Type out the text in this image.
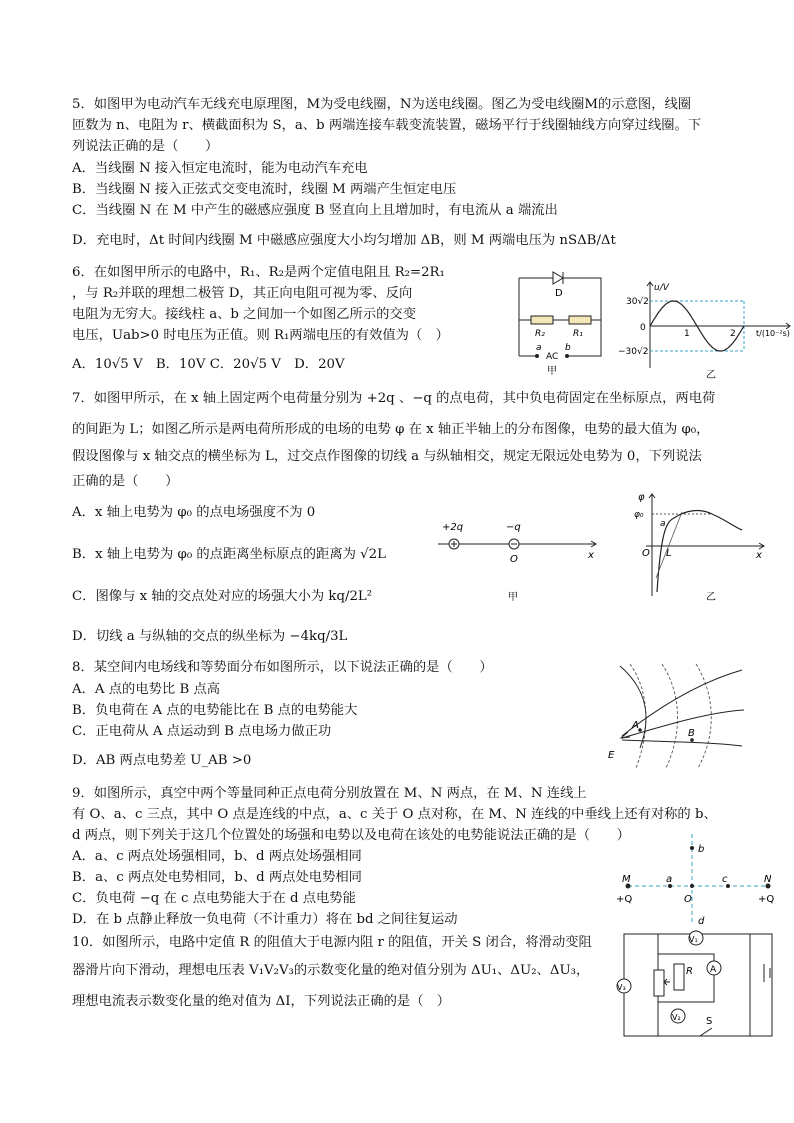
5．如图甲为电动汽车无线充电原理图，M为受电线圈，N为送电线圈。图乙为受电线圈M的示意图，线圈
匝数为 n、电阻为 r、横截面积为 S，a、b 两端连接车载变流装置，磁场平行于线圈轴线方向穿过线圈。下
列说法正确的是（　　）
A．当线圈 N 接入恒定电流时，能为电动汽车充电
B．当线圈 N 接入正弦式交变电流时，线圈 M 两端产生恒定电压
C．当线圈 N 在 M 中产生的磁感应强度 B 竖直向上且增加时，有电流从 a 端流出
D．充电时，Δt 时间内线圈 M 中磁感应强度大小均匀增加 ΔB，则 M 两端电压为 nSΔB/Δt
6．在如图甲所示的电路中，R₁、R₂是两个定值电阻且 R₂=2R₁
，与 R₂并联的理想二极管 D，其正向电阻可视为零、反向
电阻为无穷大。接线柱 a、b 之间加一个如图乙所示的交变
电压，Uab>0 时电压为正值。则 R₁两端电压的有效值为（　）
A．10√5 V　B．10V C．20√5 V　D．20V
D
R₂	R₁
a	b
AC
甲
u/V
30√2
0
−30√2
1	2	t/(10⁻²s)
乙
7．如图甲所示，在 x 轴上固定两个电荷量分别为 +2q 、−q 的点电荷，其中负电荷固定在坐标原点，两电荷
的间距为 L；如图乙所示是两电荷所形成的电场的电势 φ 在 x 轴正半轴上的分布图像，电势的最大值为 φ₀，
假设图像与 x 轴交点的横坐标为 L，过交点作图像的切线 a 与纵轴相交，规定无限远处电势为 0，下列说法
正确的是（　　）
A．x 轴上电势为 φ₀ 的点电场强度不为 0
B．x 轴上电势为 φ₀ 的点距离坐标原点的距离为 √2L
C．图像与 x 轴的交点处对应的场强大小为 kq/2L²
D．切线 a 与纵轴的交点的纵坐标为 −4kq/3L
+2q	−q
O	x
甲
φ
φ₀
a
O L	x
乙
8．某空间内电场线和等势面分布如图所示，以下说法正确的是（　　）
A．A 点的电势比 B 点高
B．负电荷在 A 点的电势能比在 B 点的电势能大
C．正电荷从 A 点运动到 B 点电场力做正功
D．AB 两点电势差 U_AB >0
A
B
E
9．如图所示，真空中两个等量同种正点电荷分别放置在 M、N 两点，在 M、N 连线上
有 O、a、c 三点，其中 O 点是连线的中点，a、c 关于 O 点对称，在 M、N 连线的中垂线上还有对称的 b、
d 两点，则下列关于这几个位置处的场强和电势以及电荷在该处的电势能说法正确的是（　　）
A．a、c 两点处场强相同，b、d 两点处场强相同
B．a、c 两点处电势相同，b、d 两点处电势相同
C．负电荷 −q 在 c 点电势能大于在 d 点电势能
D．在 b 点静止释放一负电荷（不计重力）将在 bd 之间往复运动
M	N
a	c
O
b
d
+Q	+Q
10．如图所示，电路中定值 R 的阻值大于电源内阻 r 的阻值，开关 S 闭合，将滑动变阻
器滑片向下滑动，理想电压表 V₁V₂V₃的示数变化量的绝对值分别为 ΔU₁、ΔU₂、ΔU₃，
理想电流表示数变化量的绝对值为 ΔI，下列说法正确的是（　）
V₁
V₂
V₃
A
R
S
